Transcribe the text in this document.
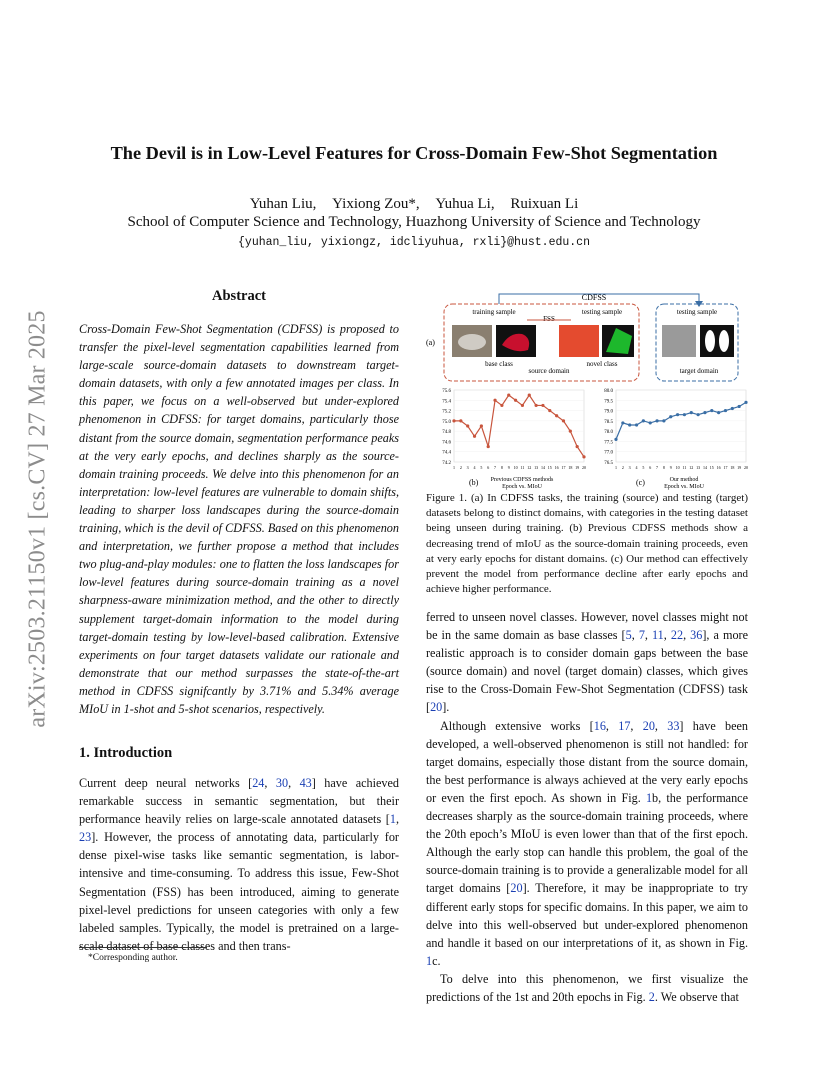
arXiv:2503.21150v1 [cs.CV] 27 Mar 2025
The Devil is in Low-Level Features for Cross-Domain Few-Shot Segmentation
Yuhan Liu, Yixiong Zou*, Yuhua Li, Ruixuan Li
School of Computer Science and Technology, Huazhong University of Science and Technology
{yuhan_liu, yixiongz, idcliyuhua, rxli}@hust.edu.cn
Abstract
Cross-Domain Few-Shot Segmentation (CDFSS) is proposed to transfer the pixel-level segmentation capabilities learned from large-scale source-domain datasets to downstream target-domain datasets, with only a few annotated images per class. In this paper, we focus on a well-observed but under-explored phenomenon in CDFSS: for target domains, particularly those distant from the source domain, segmentation performance peaks at the very early epochs, and declines sharply as the source-domain training proceeds. We delve into this phenomenon for an interpretation: low-level features are vulnerable to domain shifts, leading to sharper loss landscapes during the source-domain training, which is the devil of CDFSS. Based on this phenomenon and interpretation, we further propose a method that includes two plug-and-play modules: one to flatten the loss landscapes for low-level features during source-domain training as a novel sharpness-aware minimization method, and the other to directly supplement target-domain information to the model during target-domain testing by low-level-based calibration. Extensive experiments on four target datasets validate our rationale and demonstrate that our method surpasses the state-of-the-art method in CDFSS signifcantly by 3.71% and 5.34% average MIoU in 1-shot and 5-shot scenarios, respectively.
1. Introduction
Current deep neural networks [24, 30, 43] have achieved remarkable success in semantic segmentation, but their performance heavily relies on large-scale annotated datasets [1, 23]. However, the process of annotating data, particularly for dense pixel-wise tasks like semantic segmentation, is labor-intensive and time-consuming. To address this issue, Few-Shot Segmentation (FSS) has been introduced, aiming to generate pixel-level predictions for unseen categories with only a few labeled samples. Typically, the model is pretrained on a large-scale dataset of base classes and then trans-
*Corresponding author.
(a)
CDFSS
training sample	testing sample	testing sample
FSS
base class	novel class
source domain	target domain
75.6
75.4
75.2
75.0
74.8
74.6
74.4
74.2
1 2 3 4 5 6 7 8 9 10 11 12 13 14 15 16 17 18 19 20
80.0
79.5
79.0
78.5
78.0
77.5
77.0
76.5
1 2 3 4 5 6 7 8 9 10 11 12 13 14 15 16 17 18 19 20
(b) Previous CDFSS methods
Epoch vs. MIoU	(c)	Our method
Epoch vs. MIoU
Figure 1. (a) In CDFSS tasks, the training (source) and testing (target) datasets belong to distinct domains, with categories in the testing dataset being unseen during training. (b) Previous CDFSS methods show a decreasing trend of mIoU as the source-domain training proceeds, even at very early epochs for distant domains. (c) Our method can effectively prevent the model from performance decline after early epochs and achieve higher performance.

ferred to unseen novel classes. However, novel classes might not be in the same domain as base classes [5, 7, 11, 22, 36], a more realistic approach is to consider domain gaps between the base (source domain) and novel (target domain) classes, which gives rise to the Cross-Domain Few-Shot Segmentation (CDFSS) task [20].

Although extensive works [16, 17, 20, 33] have been developed, a well-observed phenomenon is still not handled: for target domains, especially those distant from the source domain, the best performance is always achieved at the very early epochs or even the first epoch. As shown in Fig. 1b, the performance decreases sharply as the source-domain training proceeds, where the 20th epoch’s MIoU is even lower than that of the first epoch. Although the early stop can handle this problem, the goal of the source-domain training is to provide a generalizable model for all target domains [20]. Therefore, it may be inappropriate to try different early stops for specific domains. In this paper, we aim to delve into this well-observed but under-explored phenomenon and handle it based on our interpretations of it, as shown in Fig. 1c.

To delve into this phenomenon, we first visualize the predictions of the 1st and 20th epochs in Fig. 2. We observe that
